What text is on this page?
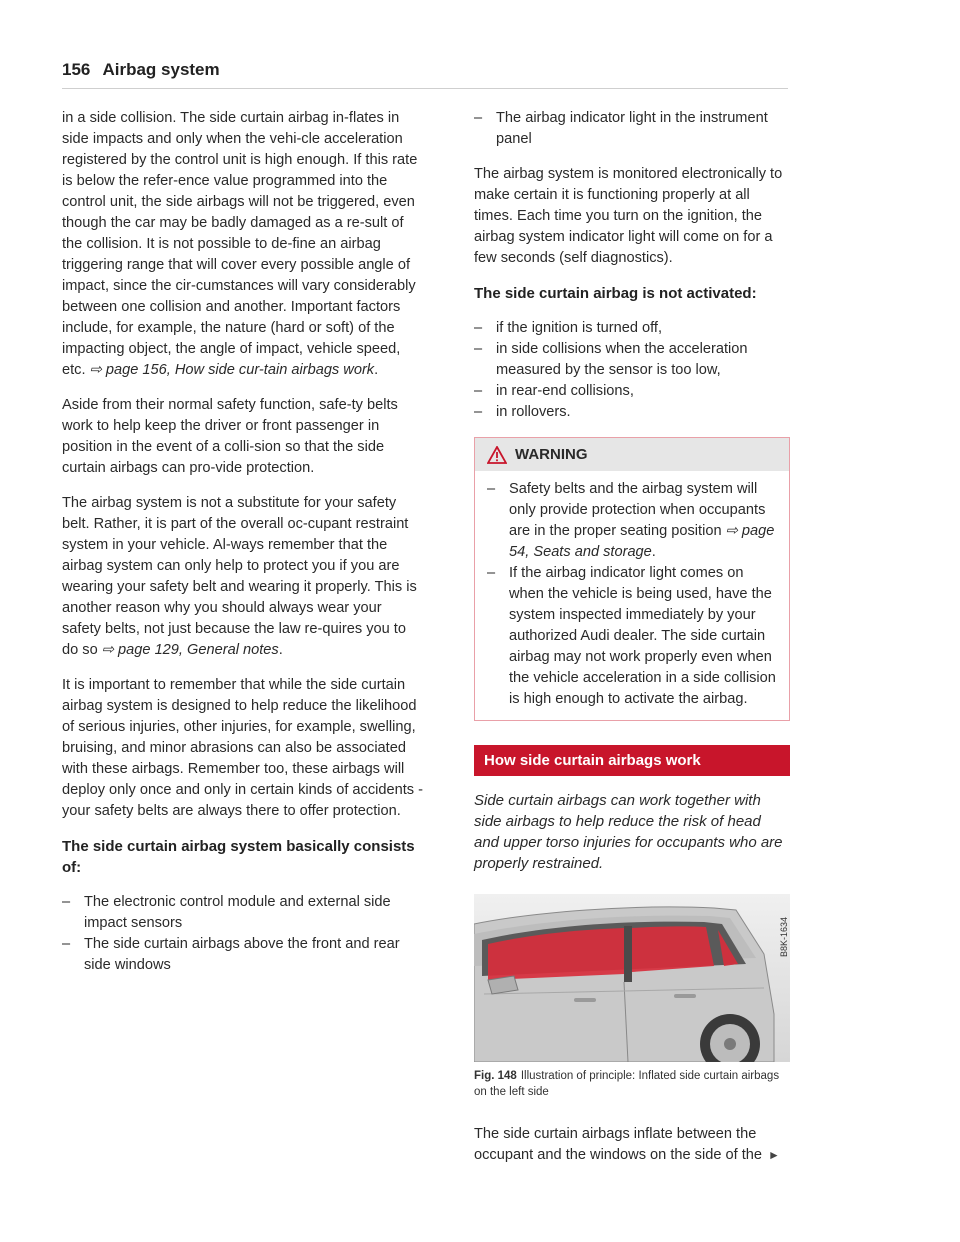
156 Airbag system

in a side collision. The side curtain airbag in-flates in side impacts and only when the vehi-cle acceleration registered by the control unit is high enough. If this rate is below the refer-ence value programmed into the control unit, the side airbags will not be triggered, even though the car may be badly damaged as a re-sult of the collision. It is not possible to de-fine an airbag triggering range that will cover every possible angle of impact, since the cir-cumstances will vary considerably between one collision and another. Important factors include, for example, the nature (hard or soft) of the impacting object, the angle of impact, vehicle speed, etc. ⇨ page 156, How side cur-tain airbags work.

Aside from their normal safety function, safe-ty belts work to help keep the driver or front passenger in position in the event of a colli-sion so that the side curtain airbags can pro-vide protection.

The airbag system is not a substitute for your safety belt. Rather, it is part of the overall oc-cupant restraint system in your vehicle. Al-ways remember that the airbag system can only help to protect you if you are wearing your safety belt and wearing it properly. This is another reason why you should always wear your safety belts, not just because the law re-quires you to do so ⇨ page 129, General notes.

It is important to remember that while the side curtain airbag system is designed to help reduce the likelihood of serious injuries, other injuries, for example, swelling, bruising, and minor abrasions can also be associated with these airbags. Remember too, these airbags will deploy only once and only in certain kinds of accidents - your safety belts are always there to offer protection.

The side curtain airbag system basically consists of:
– The electronic control module and external side impact sensors
– The side curtain airbags above the front and rear side windows
– The airbag indicator light in the instrument panel

The airbag system is monitored electronically to make certain it is functioning properly at all times. Each time you turn on the ignition, the airbag system indicator light will come on for a few seconds (self diagnostics).

The side curtain airbag is not activated:
– if the ignition is turned off,
– in side collisions when the acceleration measured by the sensor is too low,
– in rear-end collisions,
– in rollovers.
WARNING
– Safety belts and the airbag system will only provide protection when occupants are in the proper seating position ⇨ page 54, Seats and storage.
– If the airbag indicator light comes on when the vehicle is being used, have the system inspected immediately by your authorized Audi dealer. The side curtain airbag may not work properly even when the vehicle acceleration in a side collision is high enough to activate the airbag.
How side curtain airbags work

Side curtain airbags can work together with side airbags to help reduce the risk of head and upper torso injuries for occupants who are properly restrained.

B8K-1634
Fig. 148 Illustration of principle: Inflated side curtain airbags on the left side

The side curtain airbags inflate between the occupant and the windows on the side of the ►
